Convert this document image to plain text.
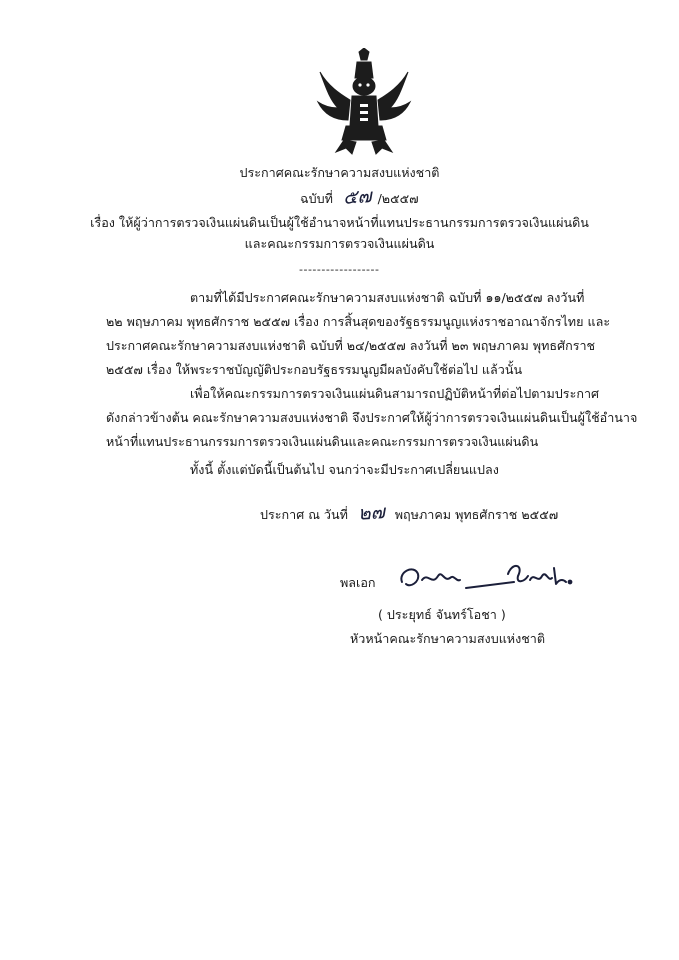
ประกาศคณะรักษาความสงบแห่งชาติ
ฉบับที่ ๕๗ /๒๕๕๗
เรื่อง ให้ผู้ว่าการตรวจเงินแผ่นดินเป็นผู้ใช้อำนาจหน้าที่แทนประธานกรรมการตรวจเงินแผ่นดิน
และคณะกรรมการตรวจเงินแผ่นดิน
------------------
ตามที่ได้มีประกาศคณะรักษาความสงบแห่งชาติ ฉบับที่ ๑๑/๒๕๕๗ ลงวันที่
๒๒ พฤษภาคม พุทธศักราช ๒๕๕๗ เรื่อง การสิ้นสุดของรัฐธรรมนูญแห่งราชอาณาจักรไทย และ
ประกาศคณะรักษาความสงบแห่งชาติ ฉบับที่ ๒๔/๒๕๕๗ ลงวันที่ ๒๓ พฤษภาคม พุทธศักราช
๒๕๕๗ เรื่อง ให้พระราชบัญญัติประกอบรัฐธรรมนูญมีผลบังคับใช้ต่อไป แล้วนั้น
เพื่อให้คณะกรรมการตรวจเงินแผ่นดินสามารถปฏิบัติหน้าที่ต่อไปตามประกาศ
ดังกล่าวข้างต้น คณะรักษาความสงบแห่งชาติ จึงประกาศให้ผู้ว่าการตรวจเงินแผ่นดินเป็นผู้ใช้อำนาจ
หน้าที่แทนประธานกรรมการตรวจเงินแผ่นดินและคณะกรรมการตรวจเงินแผ่นดิน
ทั้งนี้ ตั้งแต่บัดนี้เป็นต้นไป จนกว่าจะมีประกาศเปลี่ยนแปลง
ประกาศ ณ วันที่ ๒๗ พฤษภาคม พุทธศักราช ๒๕๕๗
พลเอก
( ประยุทธ์ จันทร์โอชา )
หัวหน้าคณะรักษาความสงบแห่งชาติ
